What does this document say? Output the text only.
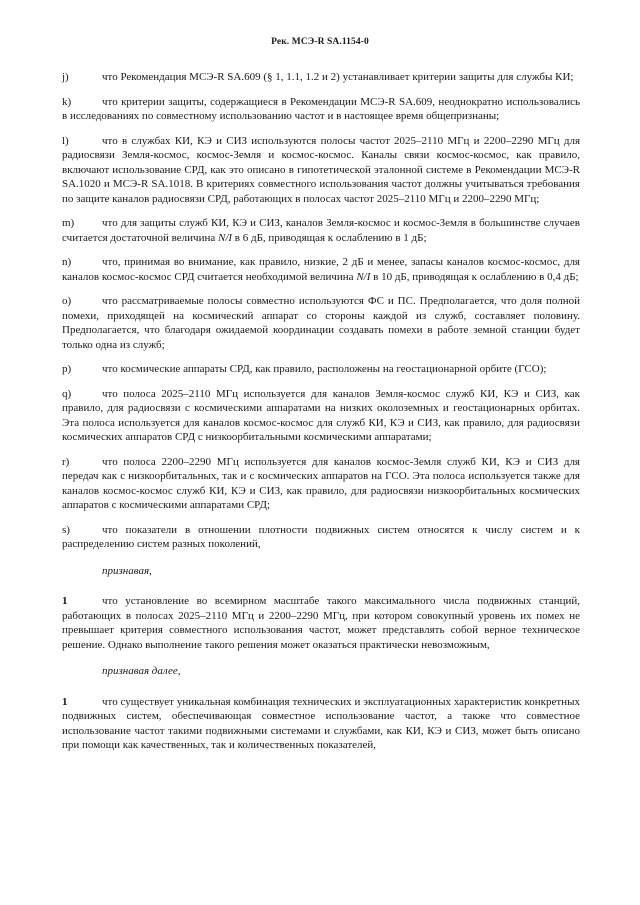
Рек. МСЭ-R SA.1154-0

j)	что Рекомендация МСЭ-R SA.609 (§ 1, 1.1, 1.2 и 2) устанавливает критерии защиты для службы КИ;

k)	что критерии защиты, содержащиеся в Рекомендации МСЭ-R SA.609, неоднократно использовались в исследованиях по совместному использованию частот и в настоящее время общепризнаны;

l)	что в службах КИ, КЭ и СИЗ используются полосы частот 2025–2110 МГц и 2200–2290 МГц для радиосвязи Земля-космос, космос-Земля и космос-космос. Каналы связи космос-космос, как правило, включают использование СРД, как это описано в гипотетической эталонной системе в Рекомендации МСЭ-R SA.1020 и МСЭ-R SA.1018. В критериях совместного использования частот должны учитываться требования по защите каналов радиосвязи СРД, работающих в полосах частот 2025–2110 МГц и 2200–2290 МГц;

m)	что для защиты служб КИ, КЭ и СИЗ, каналов Земля-космос и космос-Земля в большинстве случаев считается достаточной величина N/I в 6 дБ, приводящая к ослаблению в 1 дБ;

n)	что, принимая во внимание, как правило, низкие, 2 дБ и менее, запасы каналов космос-космос, для каналов космос-космос СРД считается необходимой величина N/I в 10 дБ, приводящая к ослаблению в 0,4 дБ;

o)	что рассматриваемые полосы совместно используются ФС и ПС. Предполагается, что доля полной помехи, приходящей на космический аппарат со стороны каждой из служб, составляет половину. Предполагается, что благодаря ожидаемой координации создавать помехи в работе земной станции будет только одна из служб;

p)	что космические аппараты СРД, как правило, расположены на геостационарной орбите (ГСО);

q)	что полоса 2025–2110 МГц используется для каналов Земля-космос служб КИ, КЭ и СИЗ, как правило, для радиосвязи с космическими аппаратами на низких околоземных и геостационарных орбитах. Эта полоса используется для каналов космос-космос для служб КИ, КЭ и СИЗ, как правило, для радиосвязи космических аппаратов СРД с низкоорбитальными космическими аппаратами;

r)	что полоса 2200–2290 МГц используется для каналов космос-Земля служб КИ, КЭ и СИЗ для передач как с низкоорбитальных, так и с космических аппаратов на ГСО. Эта полоса используется также для каналов космос-космос служб КИ, КЭ и СИЗ, как правило, для радиосвязи низкоорбитальных космических аппаратов с космическими аппаратами СРД;

s)	что показатели в отношении плотности подвижных систем относятся к числу систем и к распределению систем разных поколений,

признавая,

1	что установление во всемирном масштабе такого максимального числа подвижных станций, работающих в полосах 2025–2110 МГц и 2200–2290 МГц, при котором совокупный уровень их помех не превышает критерия совместного использования частот, может представлять собой верное техническое решение. Однако выполнение такого решения может оказаться практически невозможным,

признавая далее,

1	что существует уникальная комбинация технических и эксплуатационных характеристик конкретных подвижных систем, обеспечивающая совместное использование частот, а также что совместное использование частот такими подвижными системами и службами, как КИ, КЭ и СИЗ, может быть описано при помощи как качественных, так и количественных показателей,
